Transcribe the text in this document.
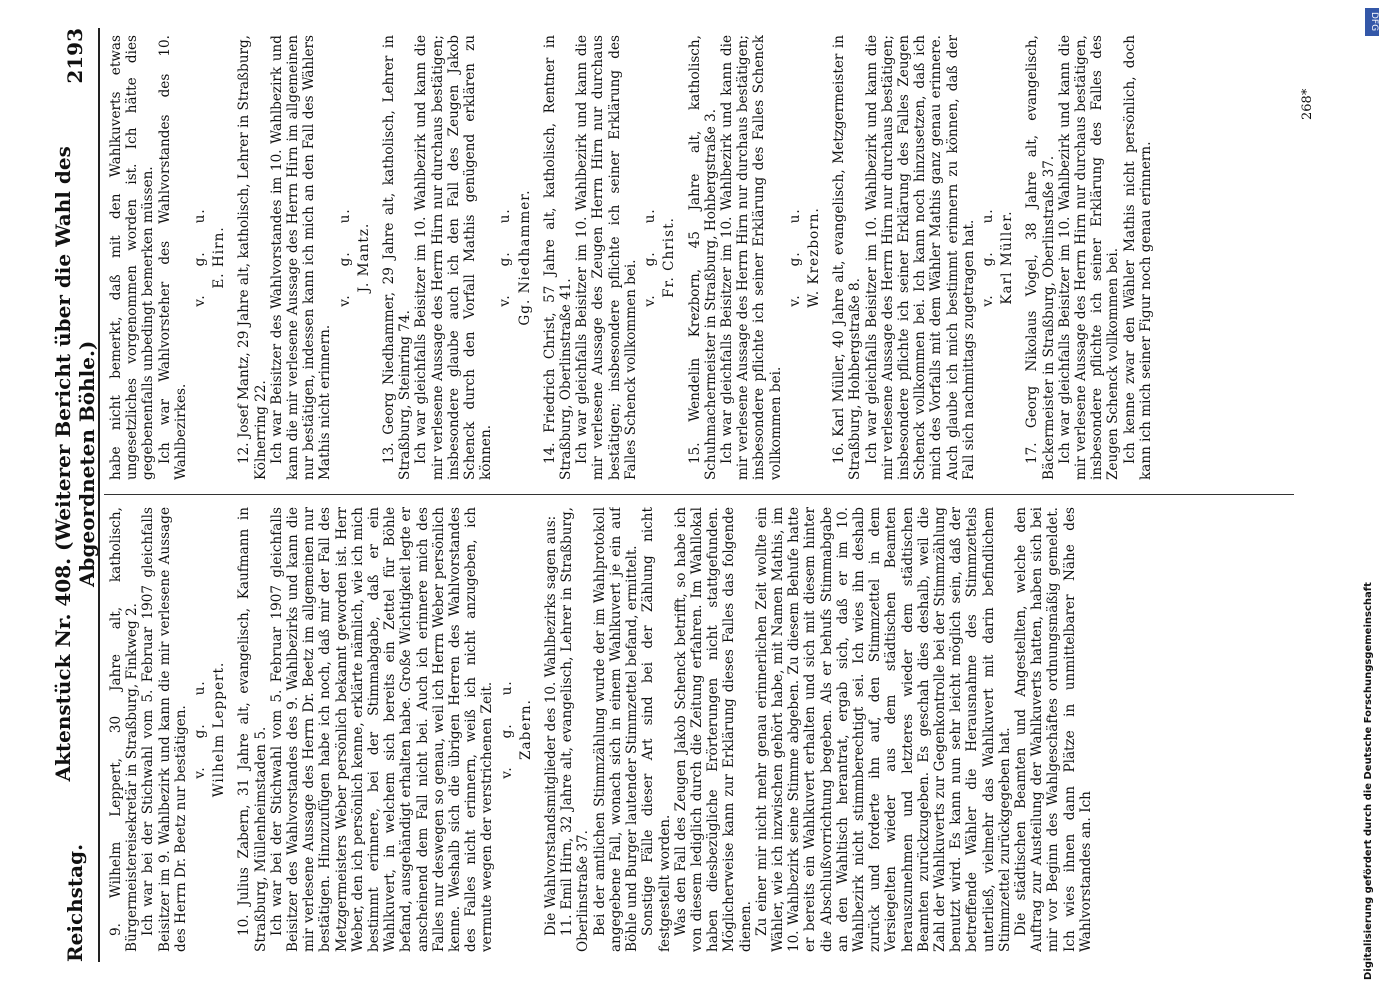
Reichstag.
Aktenstück Nr. 408. (Weiterer Bericht über die Wahl des Abgeordneten Böhle.)
2193

9. Wilhelm Leppert, 30 Jahre alt, katholisch, Bürgermeistereisekretär in Straßburg, Finkweg 2. Ich war bei der Stichwahl vom 5. Februar 1907 gleichfalls Beisitzer im 9. Wahlbezirk und kann die mir verlesene Aussage des Herrn Dr. Beetz nur bestätigen. v.
g.
u. Wilhelm Leppert. 10. Julius Zabern, 31 Jahre alt, evangelisch, Kaufmann in Straßburg, Müllenheimstaden 5. Ich war bei der Stichwahl vom 5. Februar 1907 gleichfalls Beisitzer des Wahlvorstandes des 9. Wahlbezirks und kann die mir verlesene Aussage des Herrn Dr. Beetz im allgemeinen nur bestätigen. Hinzuzufügen habe ich noch, daß mir der Fall des Metzgermeisters Weber persönlich bekannt geworden ist. Herr Weber, den ich persönlich kenne, erklärte nämlich, wie ich mich bestimmt erinnere, bei der Stimmabgabe, daß er ein Wahlkuvert, in welchem sich bereits ein Zettel für Böhle befand, ausgehändigt erhalten habe. Große Wichtigkeit legte er anscheinend dem Fall nicht bei. Auch ich erinnere mich des Falles nur deswegen so genau, weil ich Herrn Weber persönlich kenne. Weshalb sich die übrigen Herren des Wahlvorstandes des Falles nicht erinnern, weiß ich nicht anzugeben, ich vermute wegen der verstrichenen Zeit. v.
g.
u.

Zabern. Die Wahlvorstandsmitglieder des 10. Wahlbezirks sagen aus: 11. Emil Hirn, 32 Jahre alt, evangelisch, Lehrer in Straßburg, Oberlinstraße 37. Bei der amtlichen Stimmzählung wurde der im Wahlprotokoll angegebene Fall, wonach sich in einem Wahlkuvert je ein auf Böhle und Burger lautender Stimmzettel befand, ermittelt. Sonstige Fälle dieser Art sind bei der Zählung nicht festgestellt worden. Was den Fall des Zeugen Jakob Schenck betrifft, so habe ich von diesem lediglich durch die Zeitung erfahren. Im Wahllokal haben diesbezügliche Erörterungen nicht stattgefunden. Möglicherweise kann zur Erklärung dieses Falles das folgende dienen. Zu einer mir nicht mehr genau erinnerlichen Zeit wollte ein Wähler, wie ich inzwischen gehört habe, mit Namen Mathis, im 10. Wahlbezirk seine Stimme abgeben. Zu diesem Behufe hatte er bereits ein Wahlkuvert erhalten und sich mit diesem hinter die Abschlußvorrichtung begeben. Als er behufs Stimmabgabe an den Wahltisch herantrat, ergab sich, daß er im 10. Wahlbezirk nicht stimmberechtigt sei. Ich wies ihn deshalb zurück und forderte ihn auf, den Stimmzettel in dem Versiegelten wieder aus dem städtischen Beamten herauszunehmen und letzteres wieder dem städtischen Beamten zurückzugeben. Es geschah dies deshalb, weil die Zahl der Wahlkuverts zur Gegenkontrolle bei der Stimmzählung benutzt wird. Es kann nun sehr leicht möglich sein, daß der betreffende Wähler die Herausnahme des Stimmzettels unterließ, vielmehr das Wahlkuvert mit darin befindlichem Stimmzettel zurückgegeben hat. Die städtischen Beamten und Angestellten, welche den Auftrag zur Austeilung der Wahlkuverts hatten, haben sich bei mir vor Beginn des Wahlgeschäftes ordnungsmäßig gemeldet. Ich wies ihnen dann Plätze in unmittelbarer Nähe des Wahlvorstandes an. Ich

habe nicht bemerkt, daß mit den Wahlkuverts etwas ungesetzliches vorgenommen worden ist. Ich hätte dies gegebenenfalls unbedingt bemerken müssen. Ich war Wahlvorsteher des Wahlvorstandes des 10. Wahlbezirkes.

v.
g.
u.

E. Hirn. 12. Josef Mantz, 29 Jahre alt, katholisch, Lehrer in Straßburg, Kölnerring 22. Ich war Beisitzer des Wahlvorstandes im 10. Wahlbezirk und kann die mir verlesene Aussage des Herrn Hirn im allgemeinen nur bestätigen, indessen kann ich mich an den Fall des Wählers Mathis nicht erinnern.

v.
g.
u.

J. Mantz. 13. Georg Niedhammer, 29 Jahre alt, katholisch, Lehrer in Straßburg, Steinring 74. Ich war gleichfalls Beisitzer im 10. Wahlbezirk und kann die mir verlesene Aussage des Herrn Hirn nur durchaus bestätigen; insbesondere glaube auch ich den Fall des Zeugen Jakob Schenck durch den Vorfall Mathis genügend erklären zu können.

v.
g.
u. Gg. Niedhammer. 14. Friedrich Christ, 57 Jahre alt, katholisch, Rentner in Straßburg, Oberlinstraße 41. Ich war gleichfalls Beisitzer im 10. Wahlbezirk und kann die mir verlesene Aussage des Zeugen Herrn Hirn nur durchaus bestätigen; insbesondere pflichte ich seiner Erklärung des Falles Schenck vollkommen bei. v.
g.
u.

Fr. Christ. 15. Wendelin Krezborn, 45 Jahre alt, katholisch, Schuhmachermeister in Straßburg, Hohbergstraße 3. Ich war gleichfalls Beisitzer im 10. Wahlbezirk und kann die mir verlesene Aussage des Herrn Hirn nur durchaus bestätigen; insbesondere pflichte ich seiner Erklärung des Falles Schenck vollkommen bei.

v.
g.
u. W. Krezborn. 16. Karl Müller, 40 Jahre alt, evangelisch, Metzgermeister in Straßburg, Hohbergstraße 8. Ich war gleichfalls Beisitzer im 10. Wahlbezirk und kann die mir verlesene Aussage des Herrn Hirn nur durchaus bestätigen; insbesondere pflichte ich seiner Erklärung des Falles Zeugen Schenck vollkommen bei. Ich kann noch hinzusetzen, daß ich mich des Vorfalls mit dem Wähler Mathis ganz genau erinnere. Auch glaube ich mich bestimmt erinnern zu können, daß der Fall sich nachmittags zugetragen hat. v.
g.
u. Karl Müller. 17. Georg Nikolaus Vogel, 38 Jahre alt, evangelisch, Bäckermeister in Straßburg, Oberlinstraße 37. Ich war gleichfalls Beisitzer im 10. Wahlbezirk und kann die mir verlesene Aussage des Herrn Hirn nur durchaus bestätigen, insbesondere pflichte ich seiner Erklärung des Falles des Zeugen Schenck vollkommen bei. Ich kenne zwar den Wähler Mathis nicht persönlich, doch kann ich mich seiner Figur noch genau erinnern.

268*
DFG
Digitalisierung gefördert durch die Deutsche Forschungsgemeinschaft
